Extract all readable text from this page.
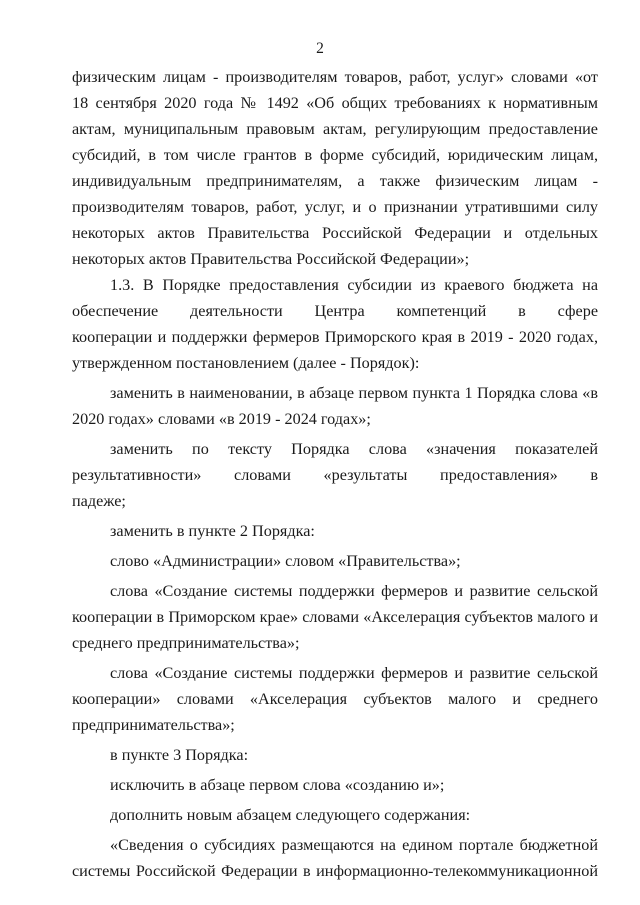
2
физическим лицам - производителям товаров, работ, услуг» словами «от
18 сентября 2020 года № 1492 «Об общих требованиях к нормативным
актам, муниципальным правовым актам, регулирующим предоставление
субсидий, в том числе грантов в форме субсидий, юридическим лицам,
индивидуальным предпринимателям, а также физическим лицам -
производителям товаров, работ, услуг, и о признании утратившими силу
некоторых актов Правительства Российской Федерации и отдельных
некоторых актов Правительства Российской Федерации»;
1.3. В Порядке предоставления субсидии из краевого бюджета на
обеспечение деятельности Центра компетенций в сфере
кооперации и поддержки фермеров Приморского края в 2019 - 2020 годах,
утвержденном постановлением (далее - Порядок):
заменить в наименовании, в абзаце первом пункта 1 Порядка слова «в
2020 годах» словами «в 2019 - 2024 годах»;
заменить по тексту Порядка слова «значения показателей
результативности» словами «результаты предоставления» в
падеже;
заменить в пункте 2 Порядка:
слово «Администрации» словом «Правительства»;
слова «Создание системы поддержки фермеров и развитие сельской
кооперации в Приморском крае» словами «Акселерация субъектов малого и
среднего предпринимательства»;
слова «Создание системы поддержки фермеров и развитие сельской
кооперации» словами «Акселерация субъектов малого и среднего
предпринимательства»;
в пункте 3 Порядка:
исключить в абзаце первом слова «созданию и»;
дополнить новым абзацем следующего содержания:
«Сведения о субсидиях размещаются на едином портале бюджетной
системы Российской Федерации в информационно-телекоммуникационной
